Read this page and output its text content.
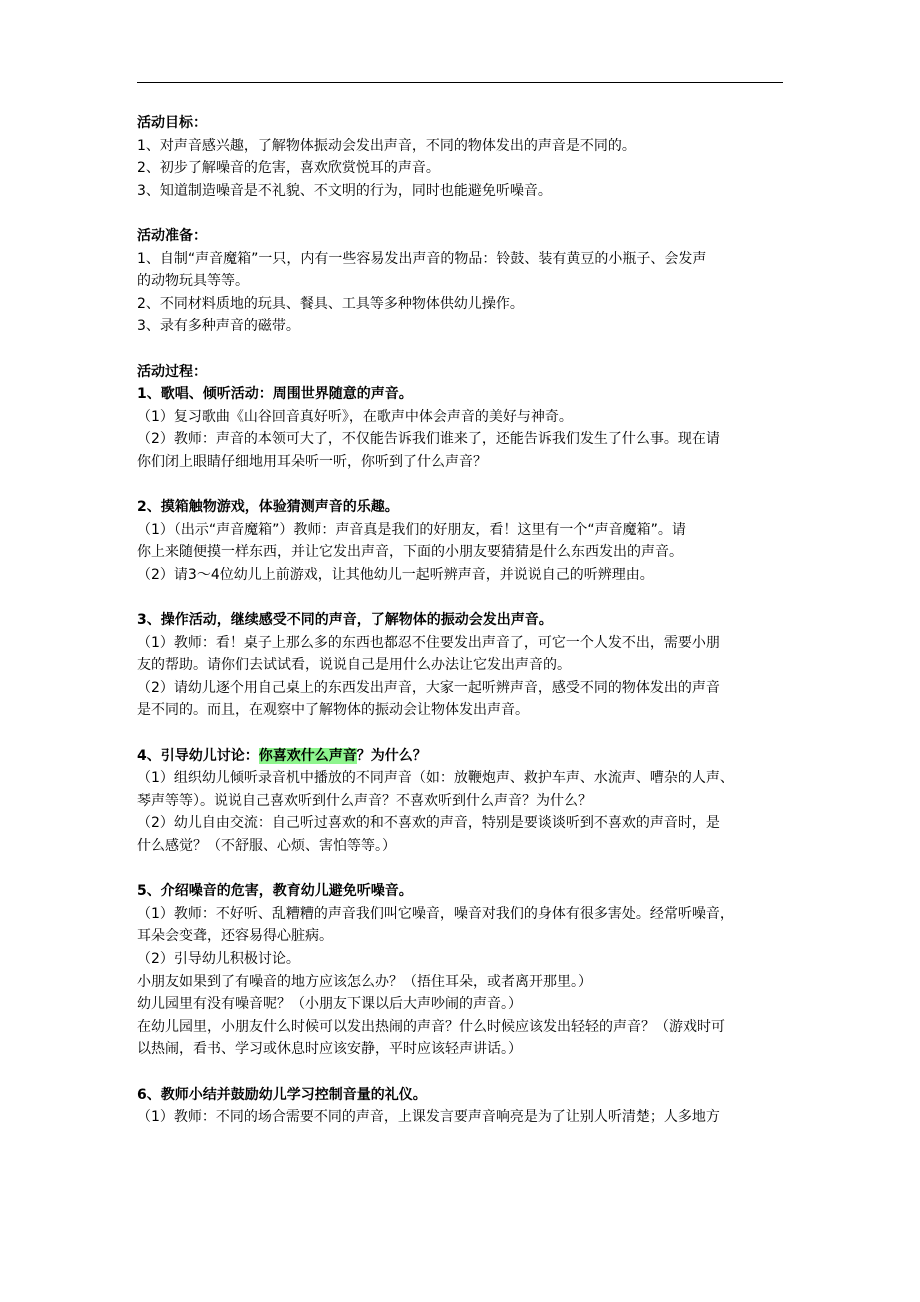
活动目标：

1、对声音感兴趣，了解物体振动会发出声音，不同的物体发出的声音是不同的。

2、初步了解噪音的危害，喜欢欣赏悦耳的声音。

3、知道制造噪音是不礼貌、不文明的行为，同时也能避免听噪音。

活动准备：

1、自制“声音魔箱”一只，内有一些容易发出声音的物品：铃鼓、装有黄豆的小瓶子、会发声

的动物玩具等等。

2、不同材料质地的玩具、餐具、工具等多种物体供幼儿操作。

3、录有多种声音的磁带。

活动过程：

1、歌唱、倾听活动：周围世界随意的声音。

（1）复习歌曲《山谷回音真好听》，在歌声中体会声音的美好与神奇。

（2）教师：声音的本领可大了，不仅能告诉我们谁来了，还能告诉我们发生了什么事。现在请

你们闭上眼睛仔细地用耳朵听一听，你听到了什么声音？

2、摸箱触物游戏，体验猜测声音的乐趣。

（1）（出示“声音魔箱”）教师：声音真是我们的好朋友，看！这里有一个“声音魔箱”。请

你上来随便摸一样东西，并让它发出声音，下面的小朋友要猜猜是什么东西发出的声音。

（2）请3～4位幼儿上前游戏，让其他幼儿一起听辨声音，并说说自己的听辨理由。

3、操作活动，继续感受不同的声音，了解物体的振动会发出声音。

（1）教师：看！桌子上那么多的东西也都忍不住要发出声音了，可它一个人发不出，需要小朋

友的帮助。请你们去试试看，说说自己是用什么办法让它发出声音的。

（2）请幼儿逐个用自己桌上的东西发出声音，大家一起听辨声音，感受不同的物体发出的声音

是不同的。而且，在观察中了解物体的振动会让物体发出声音。

4、引导幼儿讨论：你喜欢什么声音？为什么？

（1）组织幼儿倾听录音机中播放的不同声音（如：放鞭炮声、救护车声、水流声、嘈杂的人声、

琴声等等）。说说自己喜欢听到什么声音？不喜欢听到什么声音？为什么？

（2）幼儿自由交流：自己听过喜欢的和不喜欢的声音，特别是要谈谈听到不喜欢的声音时，是

什么感觉？（不舒服、心烦、害怕等等。）

5、介绍噪音的危害，教育幼儿避免听噪音。

（1）教师：不好听、乱糟糟的声音我们叫它噪音，噪音对我们的身体有很多害处。经常听噪音，

耳朵会变聋，还容易得心脏病。

（2）引导幼儿积极讨论。

小朋友如果到了有噪音的地方应该怎么办？（捂住耳朵，或者离开那里。）

幼儿园里有没有噪音呢？（小朋友下课以后大声吵闹的声音。）

在幼儿园里，小朋友什么时候可以发出热闹的声音？什么时候应该发出轻轻的声音？（游戏时可

以热闹，看书、学习或休息时应该安静，平时应该轻声讲话。）

6、教师小结并鼓励幼儿学习控制音量的礼仪。

（1）教师：不同的场合需要不同的声音，上课发言要声音响亮是为了让别人听清楚；人多地方
